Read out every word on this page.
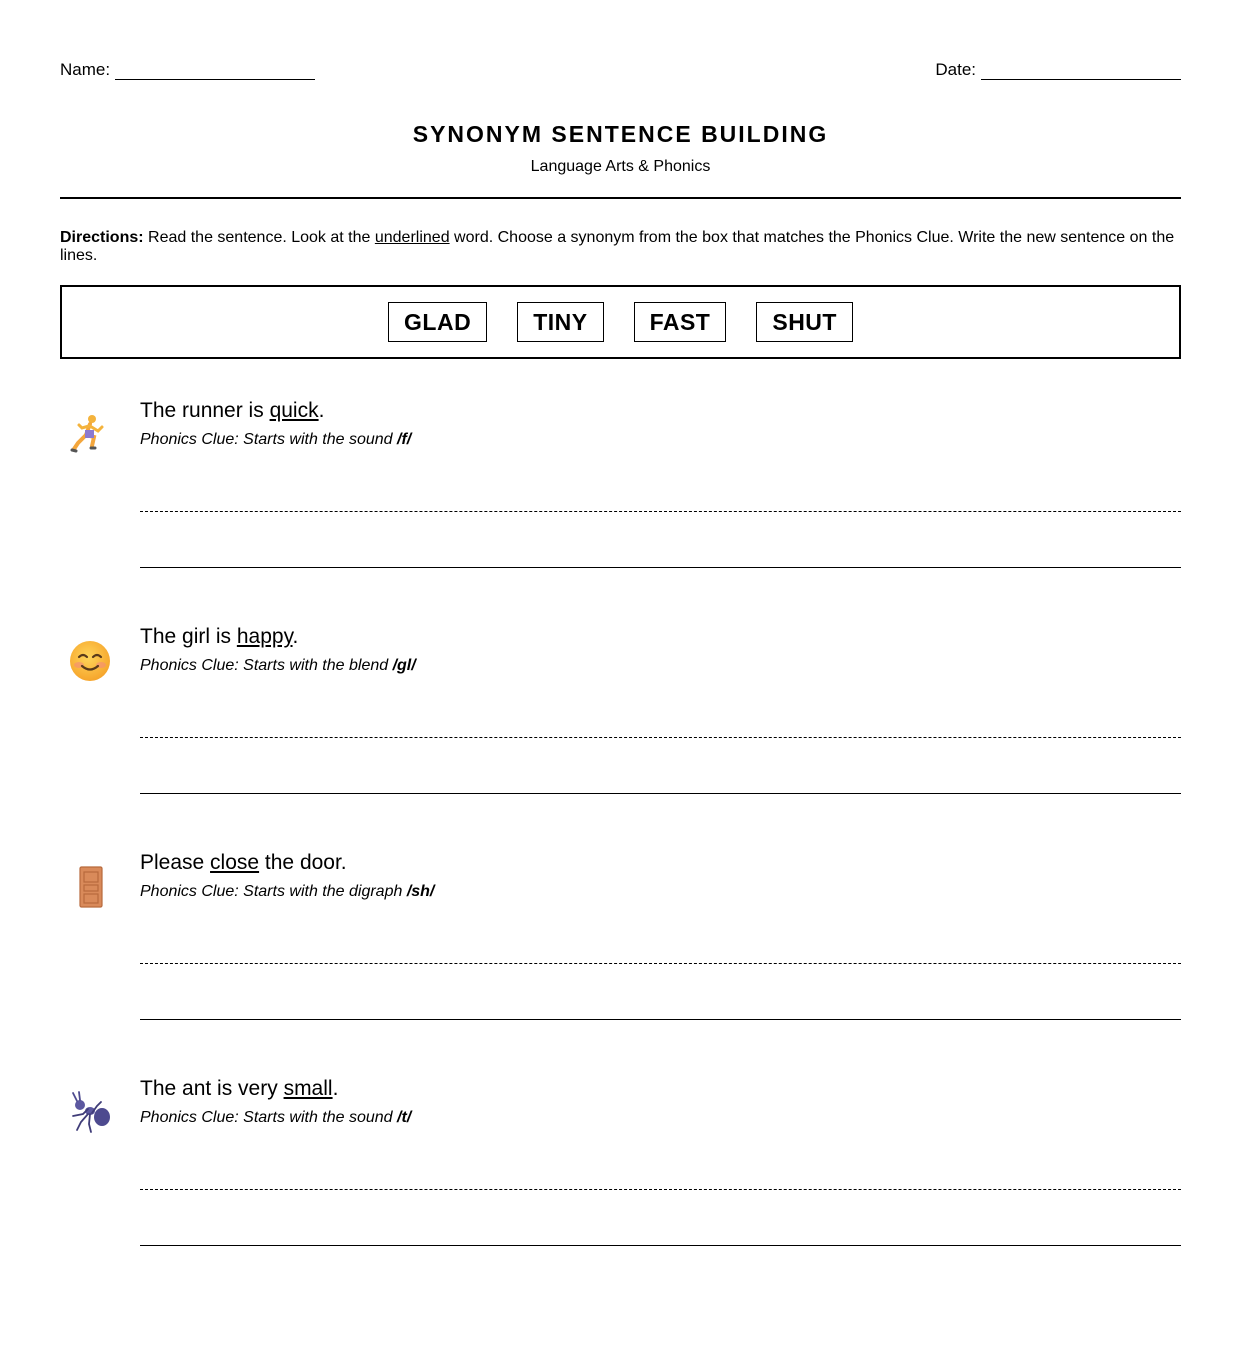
Name:	Date:
SYNONYM SENTENCE BUILDING
Language Arts & Phonics
Directions: Read the sentence. Look at the underlined word. Choose a synonym from the box that matches the Phonics Clue. Write the new sentence on the lines.
GLAD	TINY	FAST	SHUT
The runner is quick.
Phonics Clue: Starts with the sound /f/
The girl is happy.
Phonics Clue: Starts with the blend /gl/
Please close the door.
Phonics Clue: Starts with the digraph /sh/
The ant is very small.
Phonics Clue: Starts with the sound /t/
